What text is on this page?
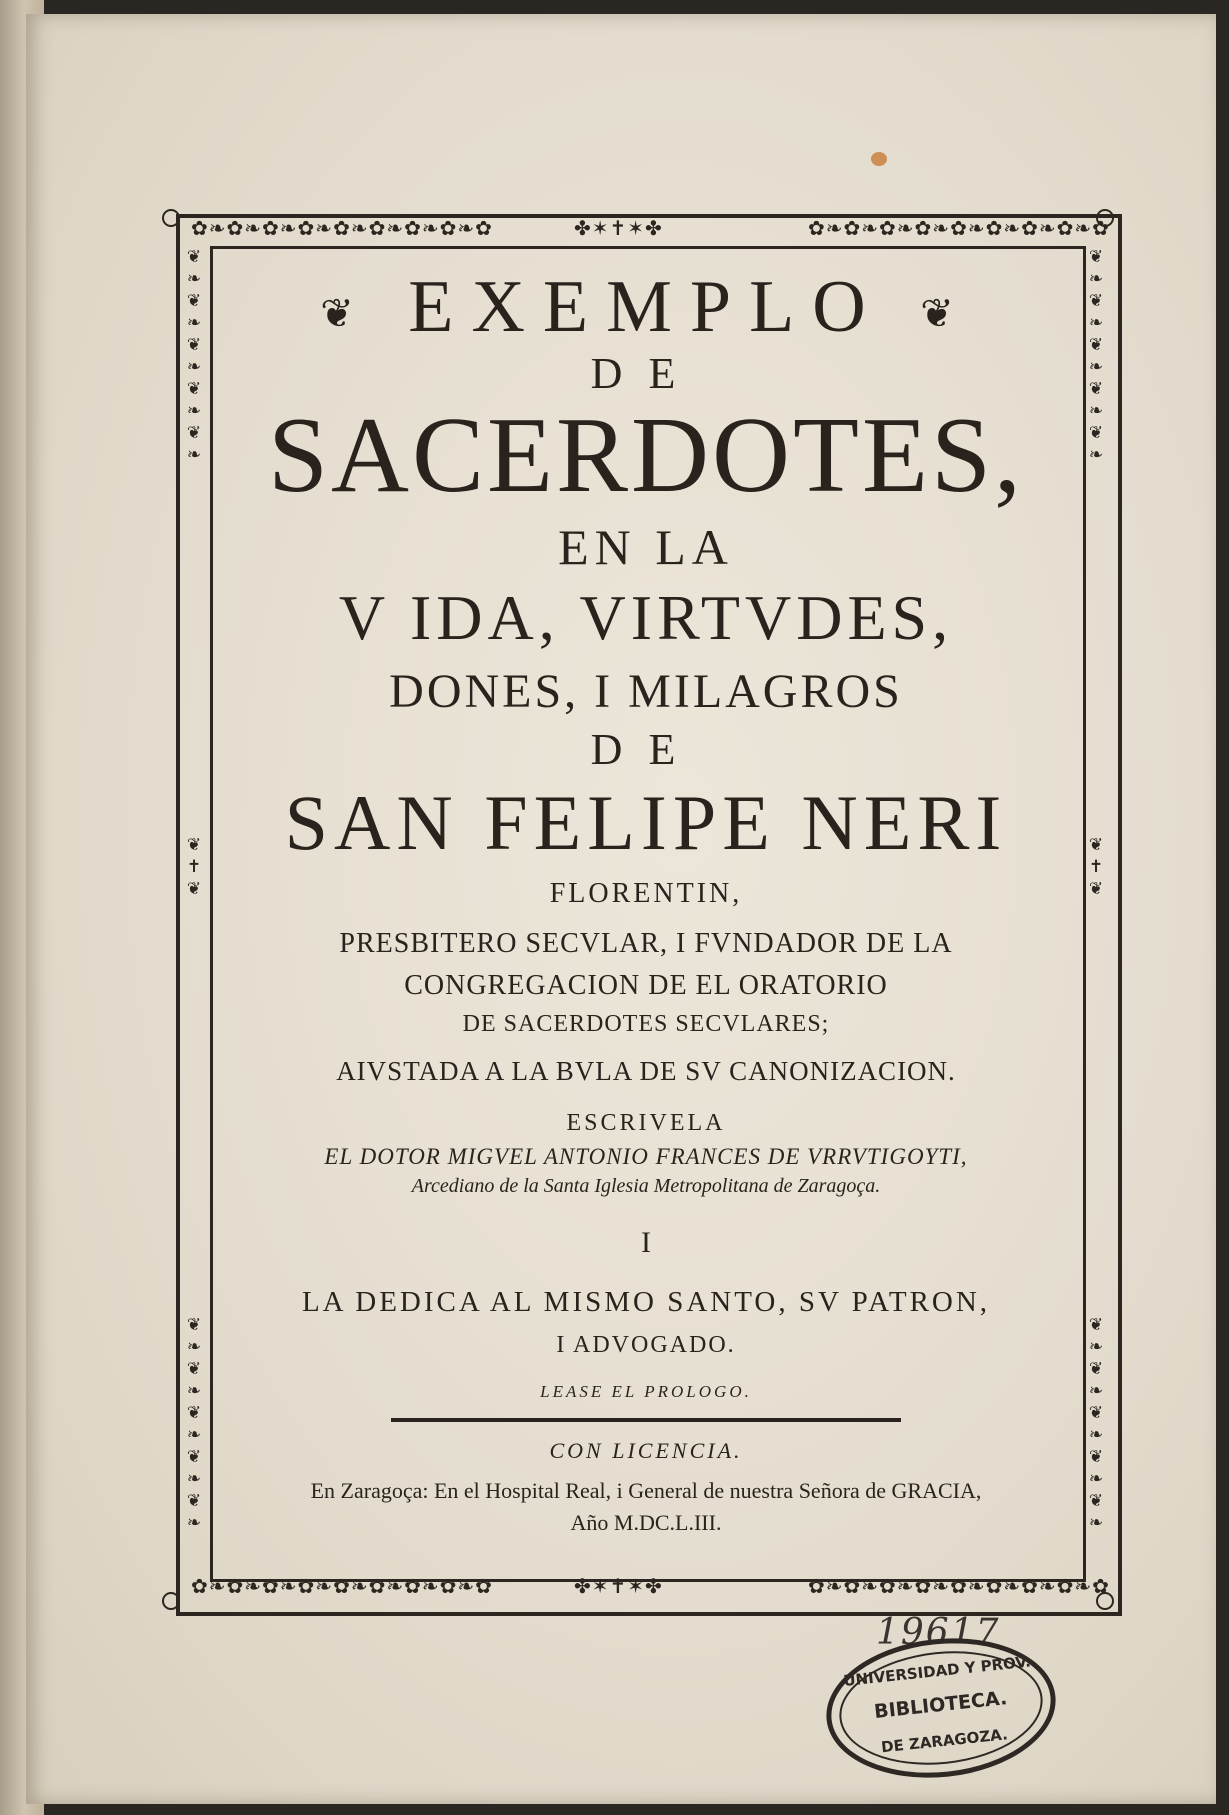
✿❧✿❧✿❧✿❧✿❧✿❧✿❧✿❧✿	✤✶✝✶✤	✿❧✿❧✿❧✿❧✿❧✿❧✿❧✿❧✿
✿❧✿❧✿❧✿❧✿❧✿❧✿❧✿❧✿	✤✶✝✶✤	✿❧✿❧✿❧✿❧✿❧✿❧✿❧✿❧✿
❦❧❦❧❦❧❦❧❦❧
❦✝❦
❦❧❦❧❦❧❦❧❦❧
❦❧❦❧❦❧❦❧❦❧
❦✝❦
❦❧❦❧❦❧❦❧❦❧
❦ EXEMPLO ❦
DE
SACERDOTES,
EN LA
V IDA, VIRTVDES,
DONES, I MILAGROS
DE
SAN FELIPE NERI
FLORENTIN,
PRESBITERO SECVLAR, I FVNDADOR DE LA
CONGREGACION DE EL ORATORIO
DE SACERDOTES SECVLARES;
AIVSTADA A LA BVLA DE SV CANONIZACION.
ESCRIVELA
EL DOTOR MIGVEL ANTONIO FRANCES DE VRRVTIGOYTI,
Arcediano de la Santa Iglesia Metropolitana de Zaragoça.
I
LA DEDICA AL MISMO SANTO, SV PATRON,
I ADVOGADO.
LEASE EL PROLOGO.
CON LICENCIA.
En Zaragoça: En el Hospital Real, i General de nuestra Señora de GRACIA,
Año M.DC.L.III.
19617
UNIVERSIDAD Y PROV.
BIBLIOTECA.
DE ZARAGOZA.
